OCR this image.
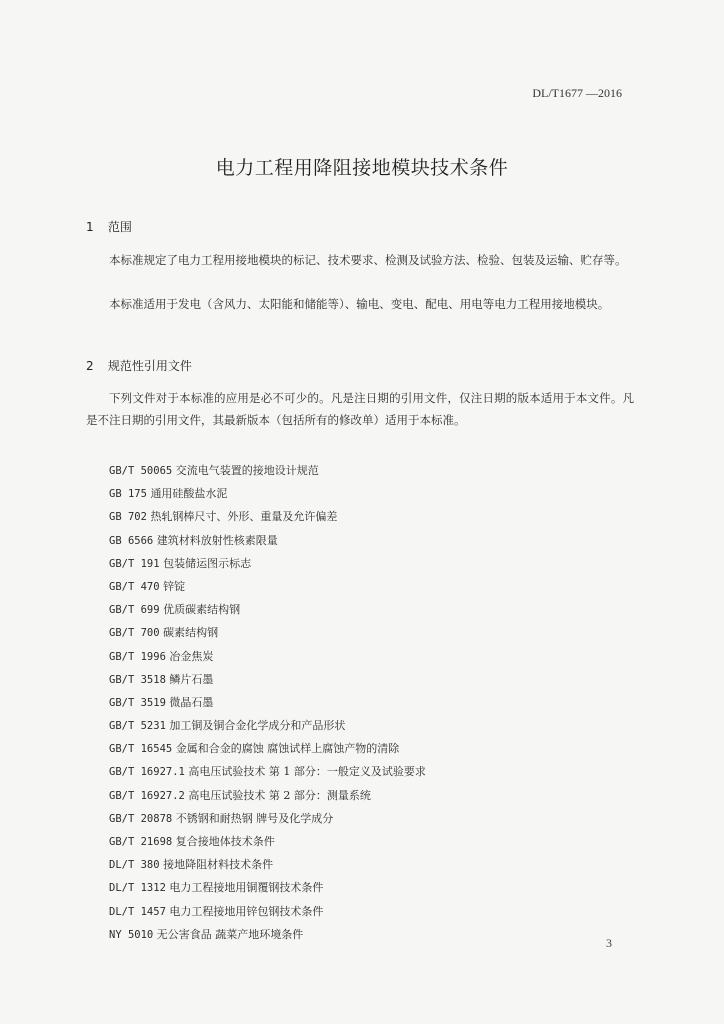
DL/T1677 —2016
电力工程用降阻接地模块技术条件
1 范围

本标准规定了电力工程用接地模块的标记、技术要求、检测及试验方法、检验、包装及运输、贮存等。

本标准适用于发电（含风力、太阳能和储能等）、输电、变电、配电、用电等电力工程用接地模块。

2 规范性引用文件

下列文件对于本标准的应用是必不可少的。凡是注日期的引用文件，仅注日期的版本适用于本文件。凡是不注日期的引用文件，其最新版本（包括所有的修改单）适用于本标准。

GB/T 50065 交流电气装置的接地设计规范
GB 175 通用硅酸盐水泥
GB 702 热轧钢棒尺寸、外形、重量及允许偏差
GB 6566 建筑材料放射性核素限量
GB/T 191 包装储运图示标志
GB/T 470 锌锭
GB/T 699 优质碳素结构钢
GB/T 700 碳素结构钢
GB/T 1996 冶金焦炭
GB/T 3518 鳞片石墨
GB/T 3519 微晶石墨
GB/T 5231 加工铜及铜合金化学成分和产品形状
GB/T 16545 金属和合金的腐蚀 腐蚀试样上腐蚀产物的清除
GB/T 16927.1 高电压试验技术 第 1 部分：一般定义及试验要求
GB/T 16927.2 高电压试验技术 第 2 部分：测量系统
GB/T 20878 不锈钢和耐热钢 牌号及化学成分
GB/T 21698 复合接地体技术条件
DL/T 380 接地降阻材料技术条件
DL/T 1312 电力工程接地用铜覆钢技术条件
DL/T 1457 电力工程接地用锌包钢技术条件
NY 5010 无公害食品 蔬菜产地环境条件
3
